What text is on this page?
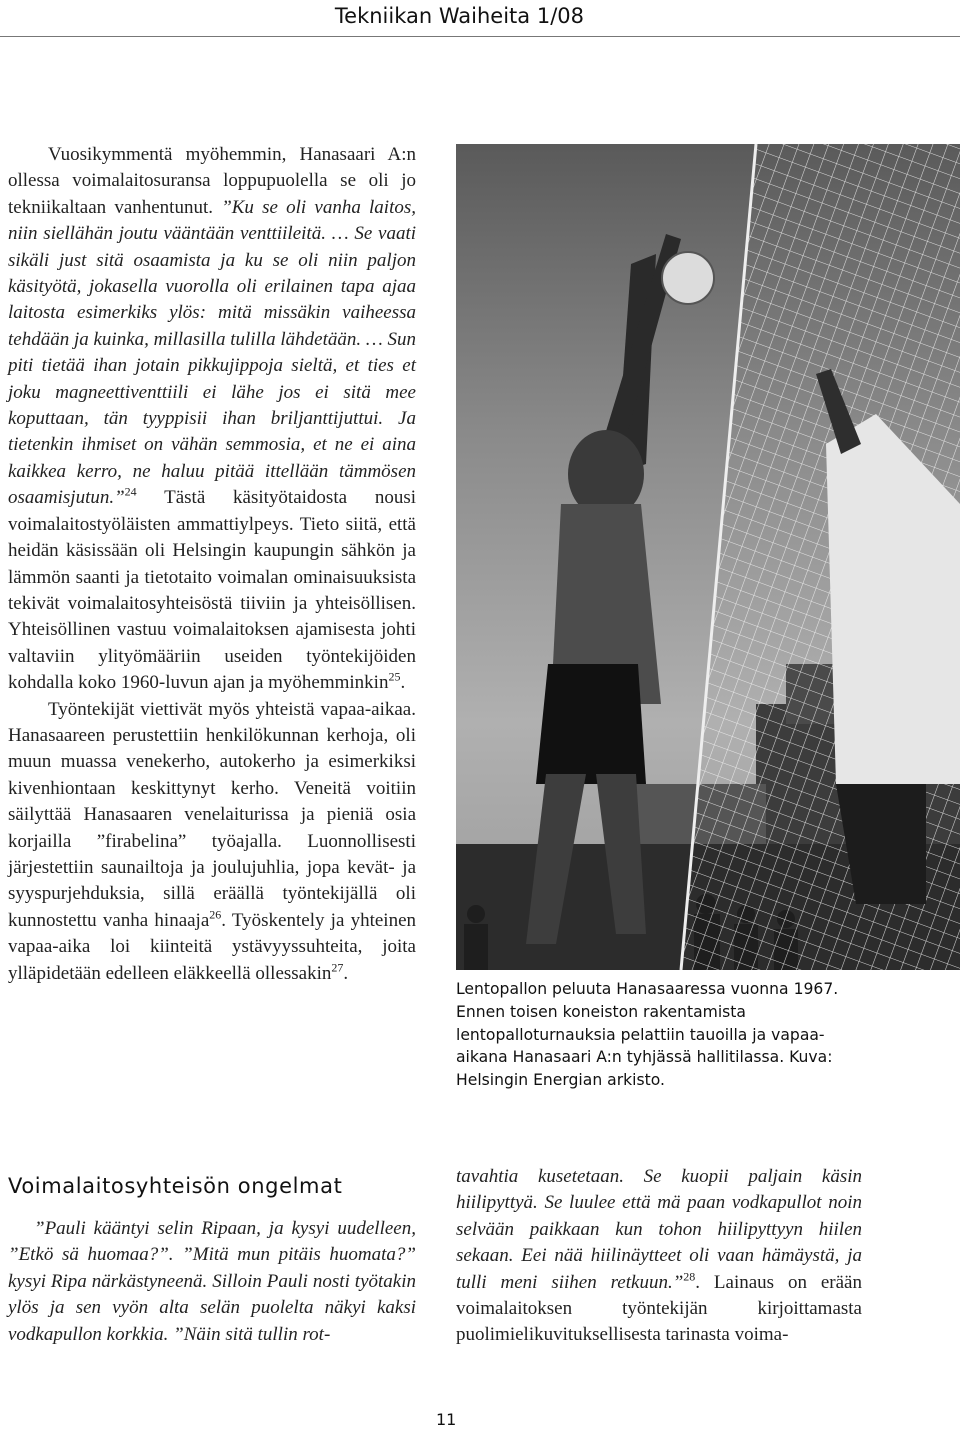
Tekniikan Waiheita 1/08

Vuosikymmentä myöhemmin, Hanasaari A:n ollessa voimalaitosuransa loppupuolella se oli jo tekniikaltaan vanhentunut. ”Ku se oli vanha laitos, niin siellähän joutu vääntään venttiileitä. … Se vaati sikäli just sitä osaamista ja ku se oli niin paljon käsityötä, jokasella vuorolla oli erilainen tapa ajaa laitosta esimerkiks ylös: mitä missäkin vaiheessa tehdään ja kuinka, millasilla tulilla lähdetään. … Sun piti tietää ihan jotain pikkujippoja sieltä, et ties et joku magneettiventtiili ei lähe jos ei sitä mee koputtaan, tän tyyppisii ihan briljanttijuttui. Ja tietenkin ihmiset on vähän semmosia, et ne ei aina kaikkea kerro, ne haluu pitää ittellään tämmösen osaamisjutun.”$^{24}$ Tästä käsityötaidosta nousi voimalaitostyöläisten ammattiylpeys. Tieto siitä, että heidän käsissään oli Helsingin kaupungin sähkön ja lämmön saanti ja tietotaito voimalan ominaisuuksista tekivät voimalaitosyhteisöstä tiiviin ja yhteisöllisen. Yhteisöllinen vastuu voimalaitoksen ajamisesta johti valtaviin ylityömääriin useiden työntekijöiden kohdalla koko 1960-luvun ajan ja myöhemminkin$^{25}$.

Työntekijät viettivät myös yhteistä vapaa-aikaa. Hanasaareen perustettiin henkilökunnan kerhoja, oli muun muassa venekerho, autokerho ja esimerkiksi kivenhiontaan keskittynyt kerho. Veneitä voitiin säilyttää Hanasaaren venelaiturissa ja pieniä osia korjailla ”firabelina” työajalla. Luonnollisesti järjestettiin saunailtoja ja joulujuhlia, jopa kevät- ja syyspurjehduksia, sillä eräällä työntekijällä oli kunnostettu vanha hinaaja$^{26}$. Työskentely ja yhteinen vapaa-aika loi kiinteitä ystävyyssuhteita, joita ylläpidetään edelleen eläkkeellä ollessakin$^{27}$.

Lentopallon peluuta Hanasaaressa vuonna 1967. Ennen toisen koneiston rakentamista lentopalloturnauksia pelattiin tauoilla ja vapaa-aikana Hanasaari A:n tyhjässä hallitilassa. Kuva: Helsingin Energian arkisto.

Voimalaitosyhteisön ongelmat

”Pauli kääntyi selin Ripaan, ja kysyi uudelleen, ”Etkö sä huomaa?”. ”Mitä mun pitäis huomata?” kysyi Ripa närkästyneenä. Silloin Pauli nosti työtakin ylös ja sen vyön alta selän puolelta näkyi kaksi vodkapullon korkkia. ”Näin sitä tullin rot-

tavahtia kusetetaan. Se kuopii paljain käsin hiilipyttyä. Se luulee että mä paan vodkapullot noin selvään paikkaan kun tohon hiilipyttyyn hiilen sekaan. Eei nää hiilinäytteet oli vaan hämäystä, ja tulli meni siihen retkuun.”$^{28}$. Lainaus on erään voimalaitoksen työntekijän kirjoittamasta puolimielikuvituksellisesta tarinasta voima-

11
